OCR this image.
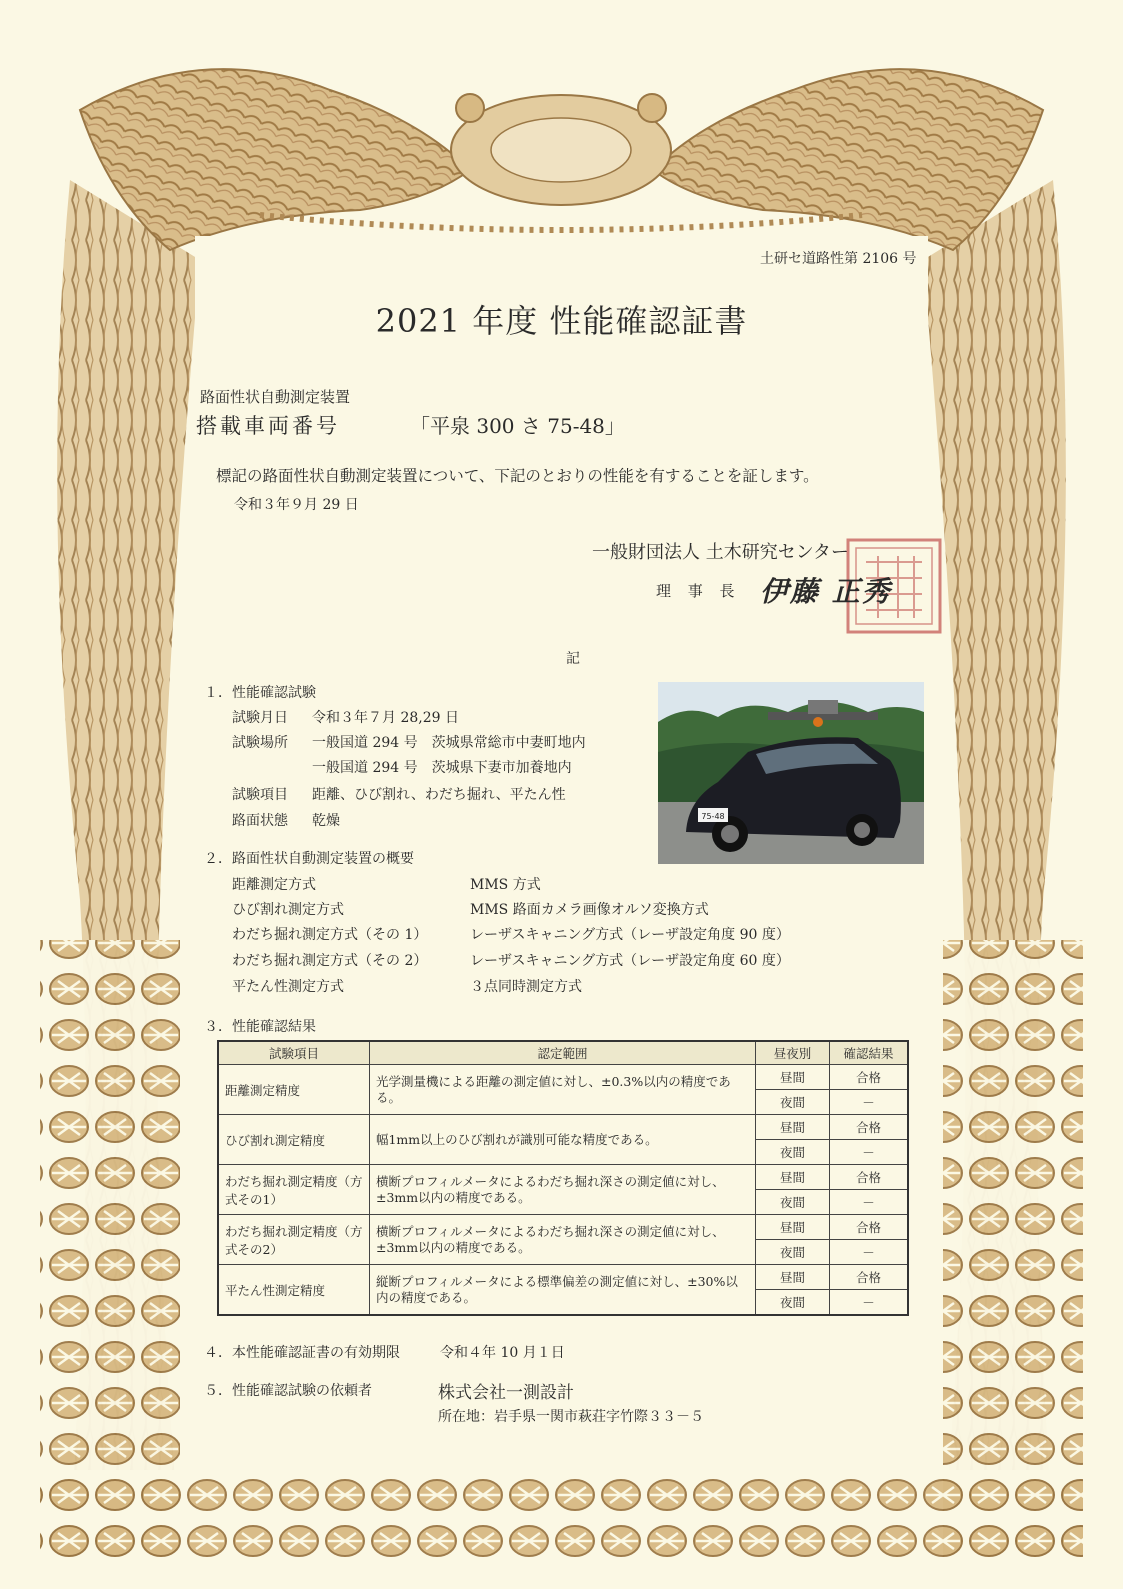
土研セ道路性第 2106 号
2021 年度 性能確認証書
路面性状自動測定装置
搭載車両番号	「平泉 300 さ 75-48」
標記の路面性状自動測定装置について、下記のとおりの性能を有することを証します。
令和３年９月 29 日
一般財団法人 土木研究センター
理 事 長 伊藤 正秀
記
１．性能確認試験
試験月日 令和３年７月 28,29 日
試験場所 一般国道 294 号　茨城県常総市中妻町地内
一般国道 294 号　茨城県下妻市加養地内
試験項目 距離、ひび割れ、わだち掘れ、平たん性
路面状態 乾燥	75-48
２．路面性状自動測定装置の概要
距離測定方式	MMS 方式
ひび割れ測定方式	MMS 路面カメラ画像オルソ変換方式
わだち掘れ測定方式（その 1）	レーザスキャニング方式（レーザ設定角度 90 度）
わだち掘れ測定方式（その 2）	レーザスキャニング方式（レーザ設定角度 60 度）
平たん性測定方式	３点同時測定方式
３．性能確認結果
試験項目	認定範囲	昼夜別	確認結果
距離測定精度	光学測量機による距離の測定値に対し、±0.3%以内の精度である。	昼間	合格
		夜間	－
ひび割れ測定精度	幅1mm以上のひび割れが識別可能な精度である。	昼間	合格
		夜間	－
わだち掘れ測定精度（方式その1）	横断プロフィルメータによるわだち掘れ深さの測定値に対し、±3mm以内の精度である。	昼間	合格
		夜間	－
わだち掘れ測定精度（方式その2）	横断プロフィルメータによるわだち掘れ深さの測定値に対し、±3mm以内の精度である。	昼間	合格
		夜間	－
平たん性測定精度	縦断プロフィルメータによる標準偏差の測定値に対し、±30%以内の精度である。	昼間	合格
		夜間	－
４．本性能確認証書の有効期限	令和４年 10 月１日
５．性能確認試験の依頼者	株式会社一測設計
所在地：岩手県一関市萩荘字竹際３３－５
